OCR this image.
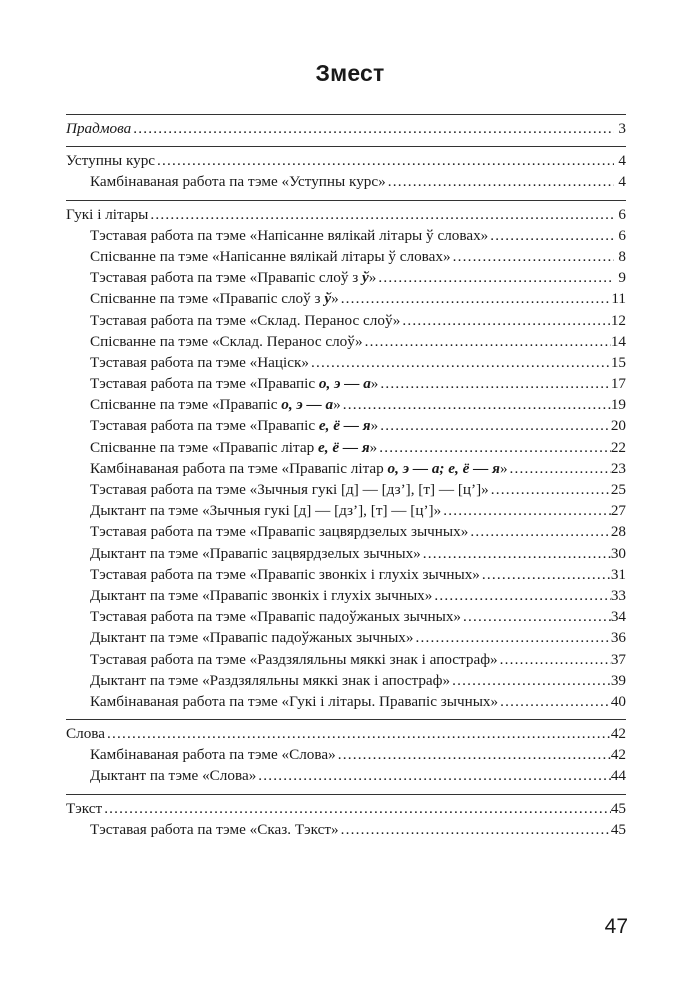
Змест
Прадмова .....	3
Уступны курс .....	4
Камбінаваная работа па тэме «Уступны курс» .....	4
Гукі і літары .....	6
Тэставая работа па тэме «Напісанне вялікай літары ў словах» .....	6
Спісванне па тэме «Напісанне вялікай літары ў словах» .....	8
Тэставая работа па тэме «Правапіс слоў з ў» .....	9
Спісванне па тэме «Правапіс слоў з ў» .....	11
Тэставая работа па тэме «Склад. Перанос слоў» .....	12
Спісванне па тэме «Склад. Перанос слоў» .....	14
Тэставая работа па тэме «Націск» .....	15
Тэставая работа па тэме «Правапіс о, э — а» .....	17
Спісванне па тэме «Правапіс о, э — а» .....	19
Тэставая работа па тэме «Правапіс е, ё — я» .....	20
Спісванне па тэме «Правапіс літар е, ё — я» .....	22
Камбінаваная работа па тэме «Правапіс літар о, э — а; е, ё — я» .....	23
Тэставая работа па тэме «Зычныя гукі [д] — [дз’], [т] — [ц’]» .....	25
Дыктант па тэме «Зычныя гукі [д] — [дз’], [т] — [ц’]» .....	27
Тэставая работа па тэме «Правапіс зацвярдзелых зычных» .....	28
Дыктант па тэме «Правапіс зацвярдзелых зычных» .....	30
Тэставая работа па тэме «Правапіс звонкіх і глухіх зычных» .....	31
Дыктант па тэме «Правапіс звонкіх і глухіх зычных» .....	33
Тэставая работа па тэме «Правапіс падоўжаных зычных» .....	34
Дыктант па тэме «Правапіс падоўжаных зычных» .....	36
Тэставая работа па тэме «Раздзяляльны мяккі знак і апостраф» .....	37
Дыктант па тэме «Раздзяляльны мяккі знак і апостраф» .....	39
Камбінаваная работа па тэме «Гукі і літары. Правапіс зычных» .....	40
Слова .....	42
Камбінаваная работа па тэме «Слова» .....	42
Дыктант па тэме «Слова» .....	44
Тэкст .....	45
Тэставая работа па тэме «Сказ. Тэкст» .....	45
47
